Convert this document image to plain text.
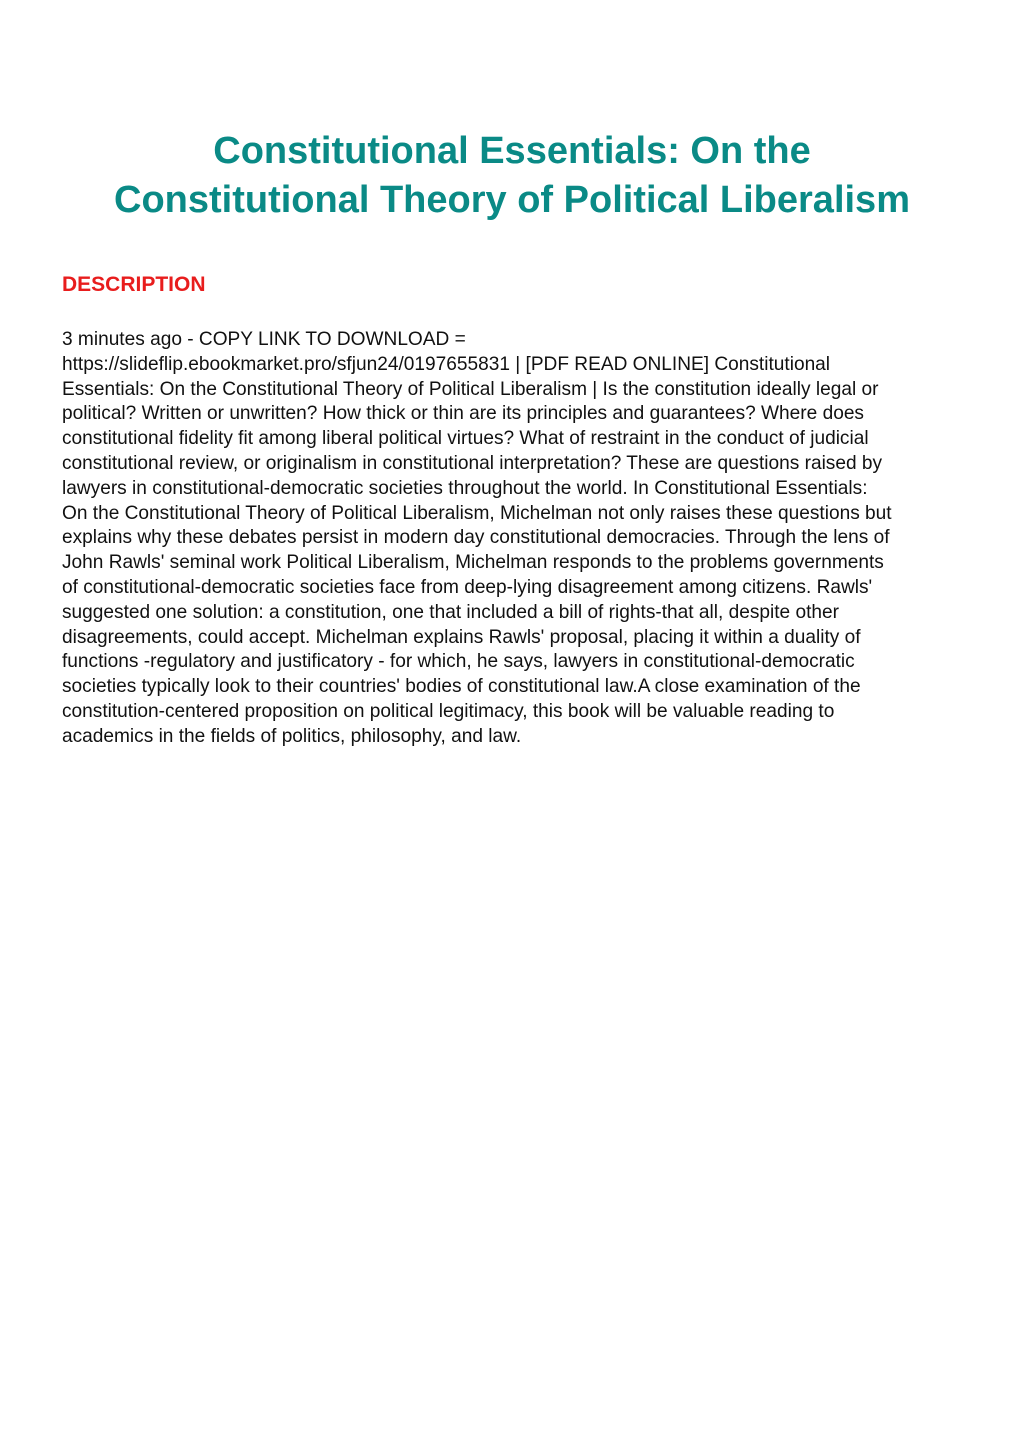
Constitutional Essentials: On the
Constitutional Theory of Political Liberalism
DESCRIPTION

3 minutes ago - COPY LINK TO DOWNLOAD =
https://slideflip.ebookmarket.pro/sfjun24/0197655831 | [PDF READ ONLINE] Constitutional
Essentials: On the Constitutional Theory of Political Liberalism | Is the constitution ideally legal or
political? Written or unwritten? How thick or thin are its principles and guarantees? Where does
constitutional fidelity fit among liberal political virtues? What of restraint in the conduct of judicial
constitutional review, or originalism in constitutional interpretation? These are questions raised by
lawyers in constitutional-democratic societies throughout the world. In Constitutional Essentials:
On the Constitutional Theory of Political Liberalism, Michelman not only raises these questions but
explains why these debates persist in modern day constitutional democracies. Through the lens of
John Rawls' seminal work Political Liberalism, Michelman responds to the problems governments
of constitutional-democratic societies face from deep-lying disagreement among citizens. Rawls'
suggested one solution: a constitution, one that included a bill of rights-that all, despite other
disagreements, could accept. Michelman explains Rawls' proposal, placing it within a duality of
functions -regulatory and justificatory - for which, he says, lawyers in constitutional-democratic
societies typically look to their countries' bodies of constitutional law.A close examination of the
constitution-centered proposition on political legitimacy, this book will be valuable reading to
academics in the fields of politics, philosophy, and law.
